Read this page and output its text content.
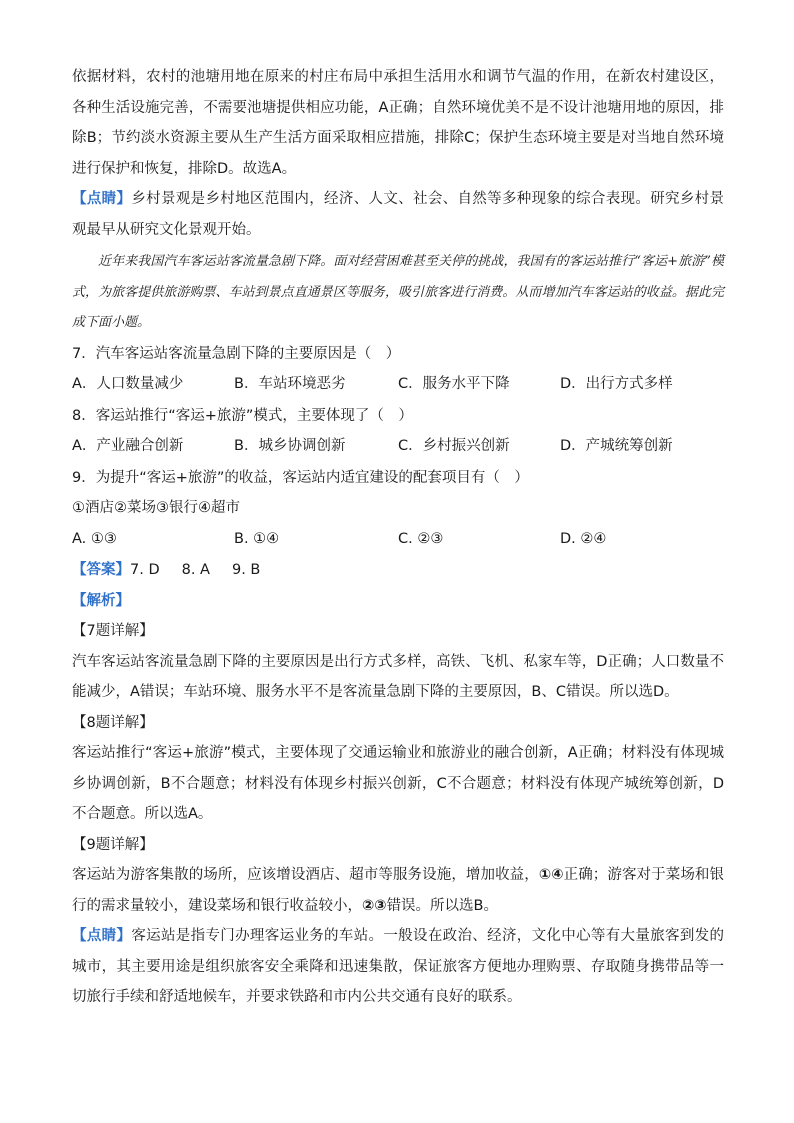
依据材料，农村的池塘用地在原来的村庄布局中承担生活用水和调节气温的作用，在新农村建设区，各种生活设施完善，不需要池塘提供相应功能，A正确；自然环境优美不是不设计池塘用地的原因，排除B；节约淡水资源主要从生产生活方面采取相应措施，排除C；保护生态环境主要是对当地自然环境进行保护和恢复，排除D。故选A。

【点睛】乡村景观是乡村地区范围内，经济、人文、社会、自然等多种现象的综合表现。研究乡村景观最早从研究文化景观开始。

近年来我国汽车客运站客流量急剧下降。面对经营困难甚至关停的挑战，我国有的客运站推行“客运+旅游”模式，为旅客提供旅游购票、车站到景点直通景区等服务，吸引旅客进行消费。从而增加汽车客运站的收益。据此完成下面小题。

7．汽车客运站客流量急剧下降的主要原因是（　）

A．人口数量减少	B．车站环境恶劣	C．服务水平下降	D．出行方式多样

8．客运站推行“客运+旅游”模式，主要体现了（　）

A．产业融合创新	B．城乡协调创新	C．乡村振兴创新	D．产城统筹创新

9．为提升“客运+旅游”的收益，客运站内适宜建设的配套项目有（　）

①酒店②菜场③银行④超市

A. ①③	B. ①④	C. ②③	D. ②④

【答案】7. D 8. A 9. B

【解析】

【7题详解】

汽车客运站客流量急剧下降的主要原因是出行方式多样，高铁、飞机、私家车等，D正确；人口数量不能减少，A错误；车站环境、服务水平不是客流量急剧下降的主要原因，B、C错误。所以选D。

【8题详解】

客运站推行“客运+旅游”模式，主要体现了交通运输业和旅游业的融合创新，A正确；材料没有体现城乡协调创新，B不合题意；材料没有体现乡村振兴创新，C不合题意；材料没有体现产城统筹创新，D不合题意。所以选A。

【9题详解】

客运站为游客集散的场所，应该增设酒店、超市等服务设施，增加收益，①④正确；游客对于菜场和银行的需求量较小，建设菜场和银行收益较小，②③错误。所以选B。

【点睛】客运站是指专门办理客运业务的车站。一般设在政治、经济，文化中心等有大量旅客到发的城市，其主要用途是组织旅客安全乘降和迅速集散，保证旅客方便地办理购票、存取随身携带品等一切旅行手续和舒适地候车，并要求铁路和市内公共交通有良好的联系。
